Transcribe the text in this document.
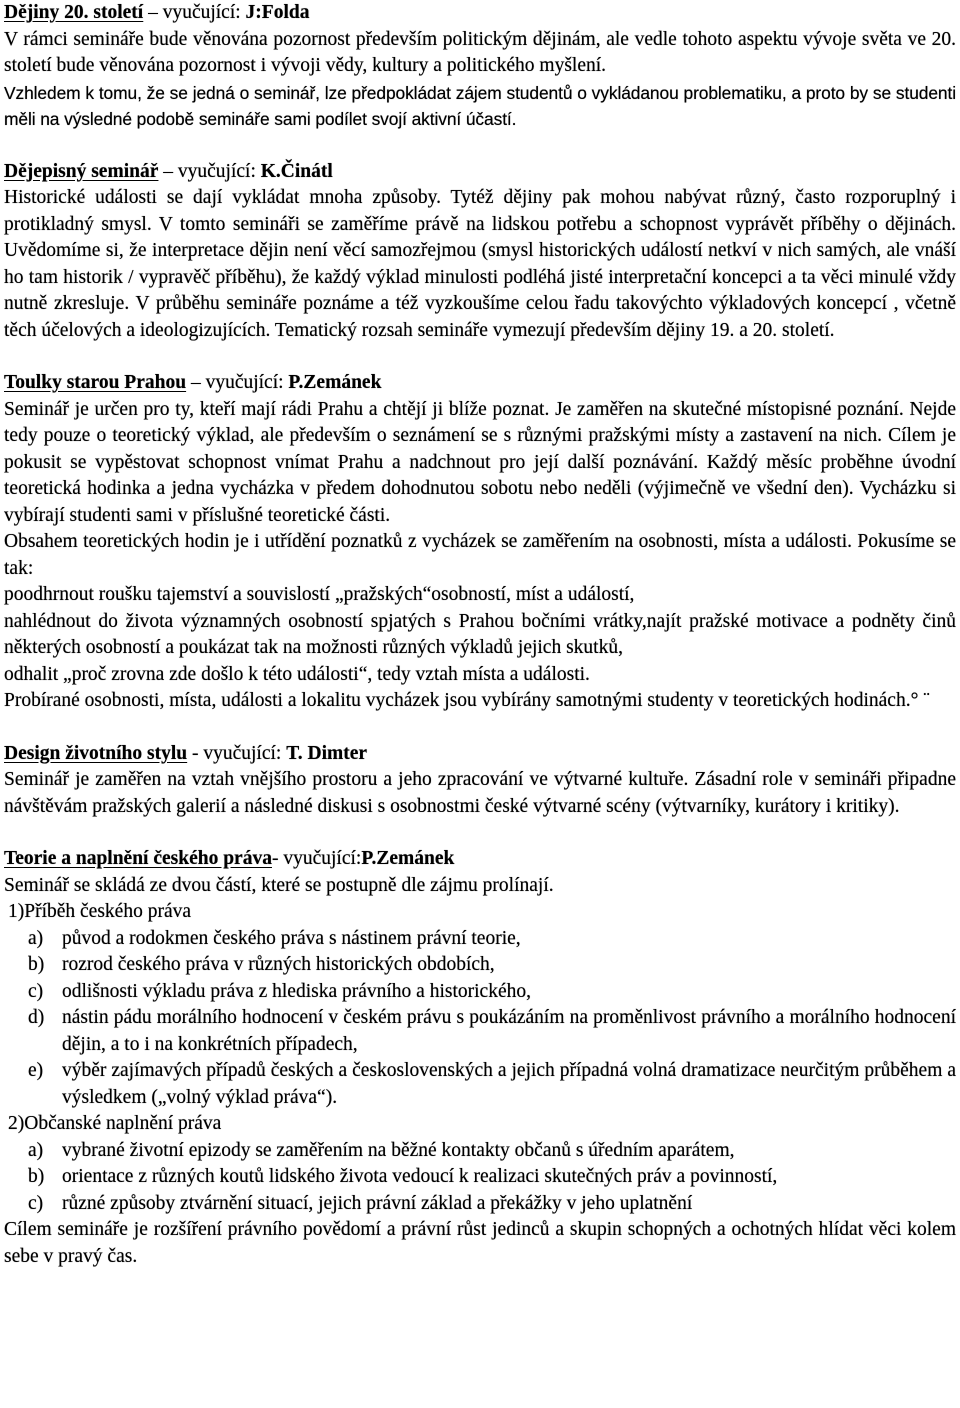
Dějiny 20. století – vyučující: J:Folda

V rámci semináře bude věnována pozornost především politickým dějinám, ale vedle tohoto aspektu vývoje světa ve 20. století bude věnována pozornost i vývoji vědy, kultury a politického myšlení.

Vzhledem k tomu, že se jedná o seminář, lze předpokládat zájem studentů o vykládanou problematiku, a proto by se studenti měli na výsledné podobě semináře sami podílet svojí aktivní účastí.

Dějepisný seminář – vyučující: K.Činátl

Historické události se dají vykládat mnoha způsoby. Tytéž dějiny pak mohou nabývat různý, často rozporuplný i protikladný smysl. V tomto semináři se zaměříme právě na lidskou potřebu a schopnost vyprávět příběhy o dějinách. Uvědomíme si, že interpretace dějin není věcí samozřejmou (smysl historických událostí netkví v nich samých, ale vnáší ho tam historik / vypravěč příběhu), že každý výklad minulosti podléhá jisté interpretační koncepci a ta věci minulé vždy nutně zkresluje. V průběhu semináře poznáme a též vyzkoušíme celou řadu takovýchto výkladových koncepcí , včetně těch účelových a ideologizujících. Tematický rozsah semináře vymezují především dějiny 19. a 20. století.

Toulky starou Prahou – vyučující: P.Zemánek

Seminář je určen pro ty, kteří mají rádi Prahu a chtějí ji blíže poznat. Je zaměřen na skutečné místopisné poznání. Nejde tedy pouze o teoretický výklad, ale především o seznámení se s různými pražskými místy a zastavení na nich. Cílem je pokusit se vypěstovat schopnost vnímat Prahu a nadchnout pro její další poznávání. Každý měsíc proběhne úvodní teoretická hodinka a jedna vycházka v předem dohodnutou sobotu nebo neděli (výjimečně ve všední den). Vycházku si vybírají studenti sami v příslušné teoretické části.

Obsahem teoretických hodin je i utřídění poznatků z vycházek se zaměřením na osobnosti, místa a události. Pokusíme se tak:

poodhrnout roušku tajemství a souvislostí „pražských“osobností, míst a událostí,

nahlédnout do života významných osobností spjatých s Prahou bočními vrátky,najít pražské motivace a podněty činů některých osobností a poukázat tak na možnosti různých výkladů jejich skutků,

odhalit „proč zrovna zde došlo k této události“, tedy vztah místa a události.

Probírané osobnosti, místa, události a lokalitu vycházek jsou vybírány samotnými studenty v teoretických hodinách.° ¨

Design životního stylu - vyučující: T. Dimter

Seminář je zaměřen na vztah vnějšího prostoru a jeho zpracování ve výtvarné kultuře. Zásadní role v semináři připadne návštěvám pražských galerií a následné diskusi s osobnostmi české výtvarné scény (výtvarníky, kurátory i kritiky).

Teorie a naplnění českého práva- vyučující:P.Zemánek

Seminář se skládá ze dvou částí, které se postupně dle zájmu prolínají.

1)Příběh českého práva

a) původ a rodokmen českého práva s nástinem právní teorie,
b) rozrod českého práva v různých historických obdobích,
c) odlišnosti výkladu práva z hlediska právního a historického,
d) nástin pádu morálního hodnocení v českém právu s poukázáním na proměnlivost právního a morálního hodnocení dějin, a to i na konkrétních případech,
e) výběr zajímavých případů českých a československých a jejich případná volná dramatizace neurčitým průběhem a výsledkem („volný výklad práva“).

2)Občanské naplnění práva

a) vybrané životní epizody se zaměřením na běžné kontakty občanů s úředním aparátem,
b) orientace z různých koutů lidského života vedoucí k realizaci skutečných práv a povinností,
c) různé způsoby ztvárnění situací, jejich právní základ a překážky v jeho uplatnění

Cílem semináře je rozšíření právního povědomí a právní růst jedinců a skupin schopných a ochotných hlídat věci kolem sebe v pravý čas.
